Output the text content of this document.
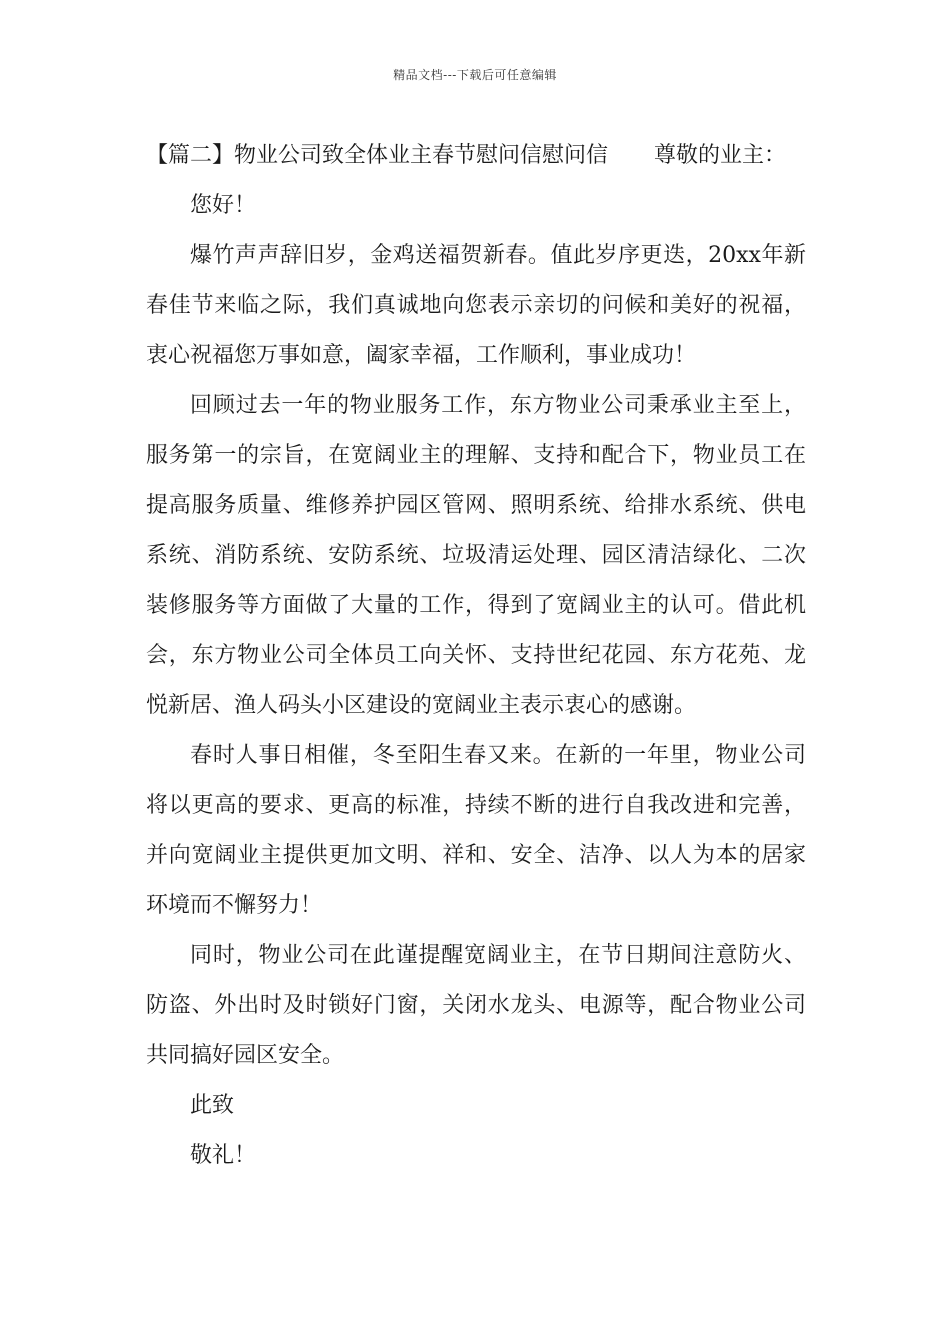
精品文档---下载后可任意编辑
【篇二】物业公司致全体业主春节慰问信慰问信 尊敬的业主：
您好！
爆竹声声辞旧岁，金鸡送福贺新春。值此岁序更迭，20xx年新
春佳节来临之际，我们真诚地向您表示亲切的问候和美好的祝福，
衷心祝福您万事如意，阖家幸福，工作顺利，事业成功！
回顾过去一年的物业服务工作，东方物业公司秉承业主至上，
服务第一的宗旨，在宽阔业主的理解、支持和配合下，物业员工在
提高服务质量、维修养护园区管网、照明系统、给排水系统、供电
系统、消防系统、安防系统、垃圾清运处理、园区清洁绿化、二次
装修服务等方面做了大量的工作，得到了宽阔业主的认可。借此机
会，东方物业公司全体员工向关怀、支持世纪花园、东方花苑、龙
悦新居、渔人码头小区建设的宽阔业主表示衷心的感谢。
春时人事日相催，冬至阳生春又来。在新的一年里，物业公司
将以更高的要求、更高的标准，持续不断的进行自我改进和完善，
并向宽阔业主提供更加文明、祥和、安全、洁净、以人为本的居家
环境而不懈努力！
同时，物业公司在此谨提醒宽阔业主，在节日期间注意防火、
防盗、外出时及时锁好门窗，关闭水龙头、电源等，配合物业公司
共同搞好园区安全。
此致
敬礼！
